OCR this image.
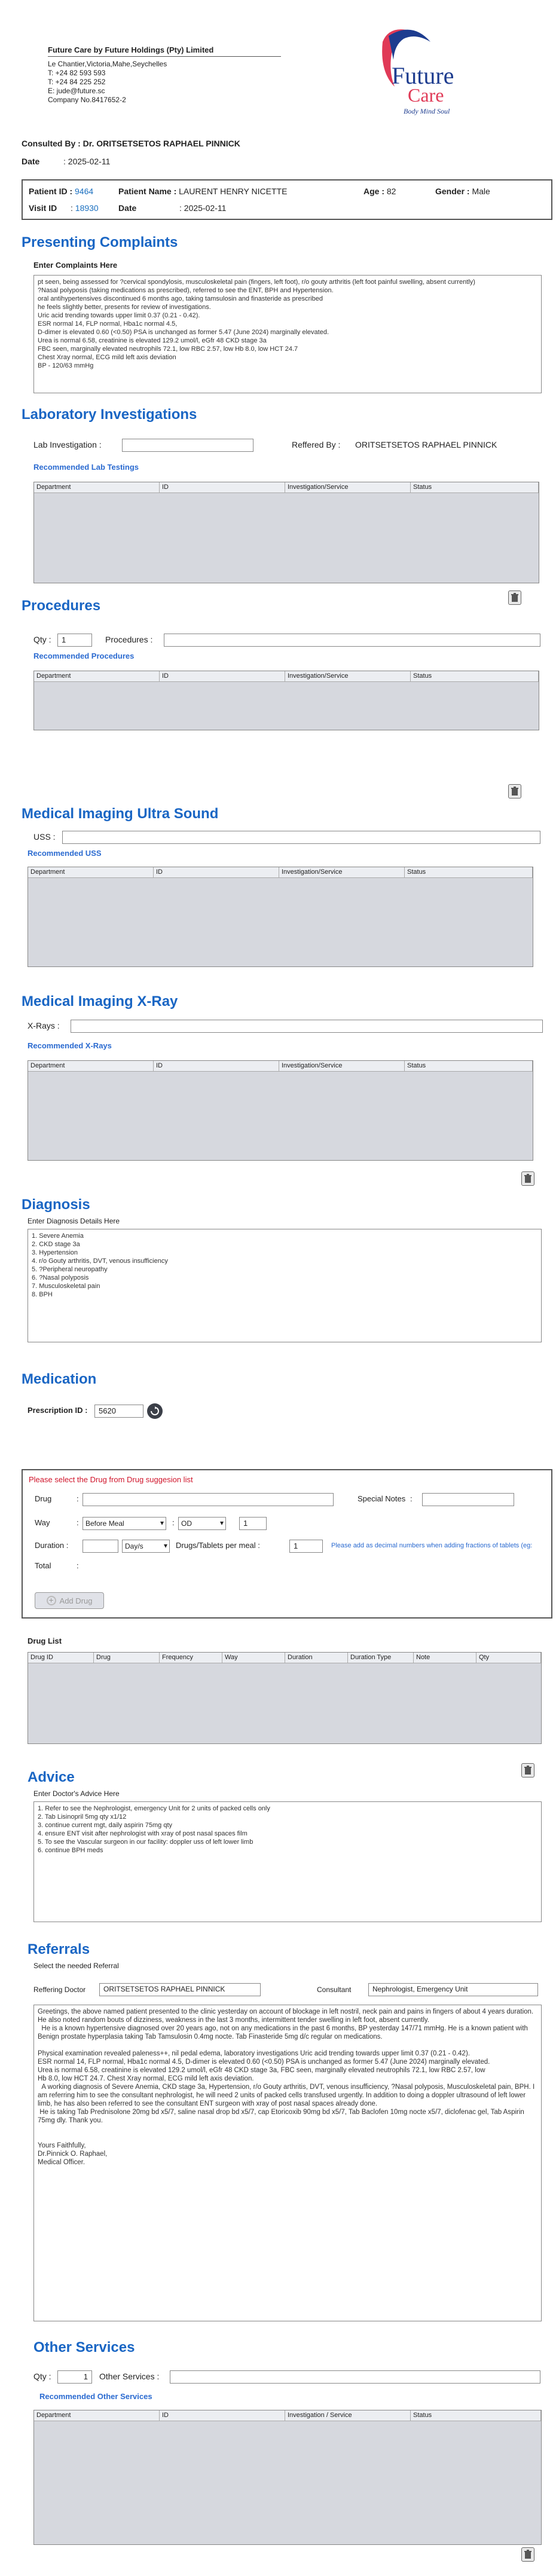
Future Care by Future Holdings (Pty) Limited
Le Chantier,Victoria,Mahe,Seychelles
T: +24 82 593 593
T: +24 84 225 252
E: jude@future.sc
Company No.8417652-2
Future
Care
Body Mind Soul
Consulted By : Dr. ORITSETSETOS RAPHAEL PINNICK
Date	: 2025-02-11
Patient ID : 9464	Patient Name : LAURENT HENRY NICETTE	Age : 82	Gender : Male
Visit ID : 18930 Date	: 2025-02-11
Presenting Complaints
Enter Complaints Here
pt seen, being assessed for ?cervical spondylosis, musculoskeletal pain (fingers, left foot), r/o gouty arthritis (left foot painful swelling, absent currently)
?Nasal polyposis (taking medications as prescribed), referred to see the ENT, BPH and Hypertension.
oral antihypertensives discontinued 6 months ago, taking tamsulosin and finasteride as prescribed
he feels slightly better, presents for review of investigations.
Uric acid trending towards upper limit 0.37 (0.21 - 0.42).
ESR normal 14, FLP normal, Hba1c normal 4.5,
D-dimer is elevated 0.60 (<0.50) PSA is unchanged as former 5.47 (June 2024) marginally elevated.
Urea is normal 6.58, creatinine is elevated 129.2 umol/l, eGfr 48 CKD stage 3a
FBC seen, marginally elevated neutrophils 72.1, low RBC 2.57, low Hb 8.0, low HCT 24.7
Chest Xray normal, ECG mild left axis deviation
BP - 120/63 mmHg
Laboratory Investigations
Lab Investigation :	Reffered By : ORITSETSETOS RAPHAEL PINNICK
Recommended Lab Testings
Department	ID	Investigation/Service	Status
Procedures
Qty :	1	Procedures :
Recommended Procedures
Department	ID	Investigation/Service	Status
Medical Imaging Ultra Sound
USS :
Recommended USS
Department	ID	Investigation/Service	Status
Medical Imaging X-Ray
X-Rays :
Recommended X-Rays
Department	ID	Investigation/Service	Status
Diagnosis
Enter Diagnosis Details Here
1. Severe Anemia
2. CKD stage 3a
3. Hypertension
4. r/o Gouty arthritis, DVT, venous insufficiency
5. ?Peripheral neuropathy
6. ?Nasal polyposis
7. Musculoskeletal pain
8. BPH
Medication
Prescription ID :	5620
Please select the Drug from Drug suggesion list
Drug	:	Special Notes :
Way	: Before Meal ▾	: OD ▾	1
Duration :	Day/s ▾	Drugs/Tablets per meal :	1	Please add as decimal numbers when adding fractions of tablets (eg:
Total	:
+ Add Drug
Drug List
Drug ID	Drug	Frequency	Way	Duration	Duration Type	Note	Qty
Advice
Enter Doctor's Advice Here
1. Refer to see the Nephrologist, emergency Unit for 2 units of packed cells only
2. Tab Lisinopril 5mg qty x1/12
3. continue current mgt, daily aspirin 75mg qty
4. ensure ENT visit after nephrologist with xray of post nasal spaces film
5. To see the Vascular surgeon in our facility: doppler uss of left lower limb
6. continue BPH meds
Referrals
Select the needed Referral
Reffering Doctor	ORITSETSETOS RAPHAEL PINNICK	Consultant	Nephrologist, Emergency Unit
Greetings, the above named patient presented to the clinic yesterday on account of blockage in left nostril, neck pain and pains in fingers of about 4 years duration. He also noted random bouts of dizziness, weakness in the last 3 months, intermittent tender swelling in left foot, absent currently.
He is a known hypertensive diagnosed over 20 years ago, not on any medications in the past 6 months, BP yesterday 147/71 mmHg. He is a known patient with Benign prostate hyperplasia taking Tab Tamsulosin 0.4mg nocte. Tab Finasteride 5mg d/c regular on medications.

Physical examination revealed paleness++, nil pedal edema, laboratory investigations Uric acid trending towards upper limit 0.37 (0.21 - 0.42).
ESR normal 14, FLP normal, Hba1c normal 4.5, D-dimer is elevated 0.60 (<0.50) PSA is unchanged as former 5.47 (June 2024) marginally elevated.
Urea is normal 6.58, creatinine is elevated 129.2 umol/l, eGfr 48 CKD stage 3a, FBC seen, marginally elevated neutrophils 72.1, low RBC 2.57, low
Hb 8.0, low HCT 24.7. Chest Xray normal, ECG mild left axis deviation.
A working diagnosis of Severe Anemia, CKD stage 3a, Hypertension, r/o Gouty arthritis, DVT, venous insufficiency, ?Nasal polyposis, Musculoskeletal pain, BPH. I am referring him to see the consultant nephrologist, he will need 2 units of packed cells transfused urgently. In addition to doing a doppler ultrasound of left lower limb, he has also been referred to see the consultant ENT surgeon with xray of post nasal spaces already done.
He is taking Tab Prednisolone 20mg bd x5/7, saline nasal drop bd x5/7, cap Etoricoxib 90mg bd x5/7, Tab Baclofen 10mg nocte x5/7, diclofenac gel, Tab Aspirin 75mg dly. Thank you.

Yours Faithfully,
Dr.Pinnick O. Raphael,
Medical Officer.
Other Services
Qty :	1	Other Services :
Recommended Other Services
Department	ID	Investigation / Service	Status
